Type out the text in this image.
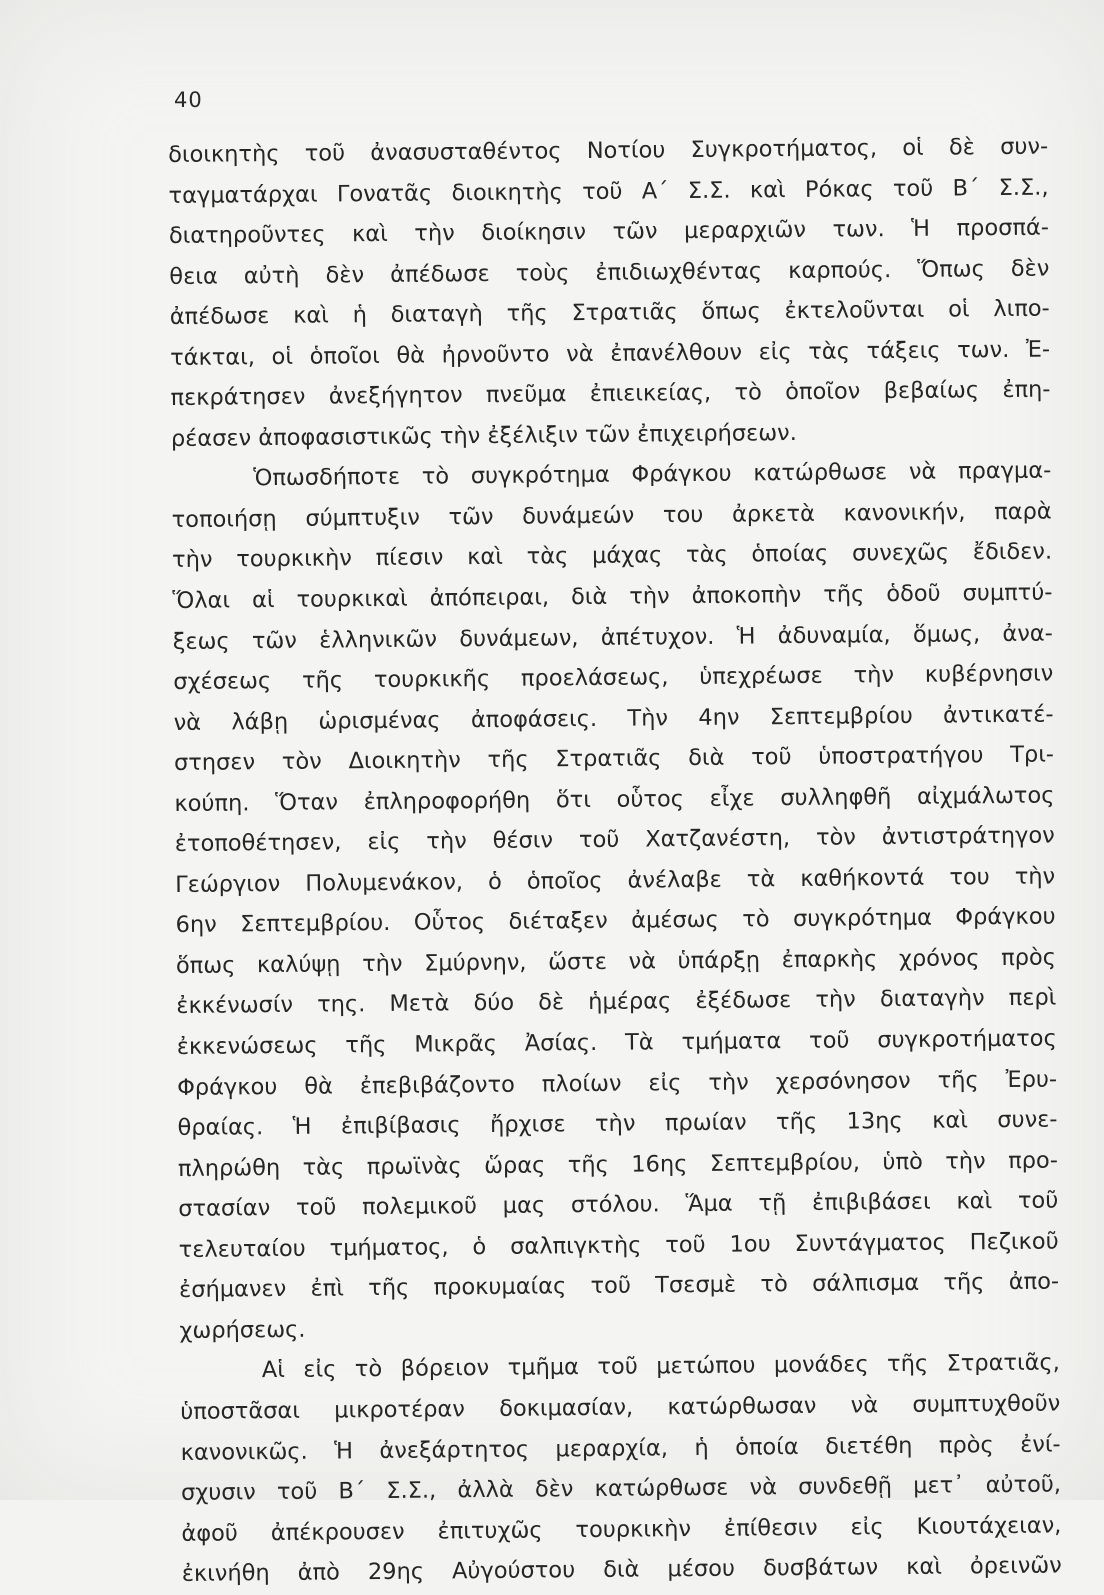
40
διοικητὴς τοῦ ἀνασυσταθέντος Νοτίου Συγκροτήματος, οἱ δὲ συν-
ταγματάρχαι Γονατᾶς διοικητὴς τοῦ Α΄ Σ.Σ. καὶ Ρόκας τοῦ Β΄ Σ.Σ.,
διατηροῦντες καὶ τὴν διοίκησιν τῶν μεραρχιῶν των. Ἡ προσπά-
θεια αὐτὴ δὲν ἀπέδωσε τοὺς ἐπιδιωχθέντας καρπούς. Ὅπως δὲν
ἀπέδωσε καὶ ἡ διαταγὴ τῆς Στρατιᾶς ὅπως ἐκτελοῦνται οἱ λιπο-
τάκται, οἱ ὁποῖοι θὰ ἠρνοῦντο νὰ ἐπανέλθουν εἰς τὰς τάξεις των. Ἐ-
πεκράτησεν ἀνεξήγητον πνεῦμα ἐπιεικείας, τὸ ὁποῖον βεβαίως ἐπη-
ρέασεν ἀποφασιστικῶς τὴν ἐξέλιξιν τῶν ἐπιχειρήσεων.
Ὁπωσδήποτε τὸ συγκρότημα Φράγκου κατώρθωσε νὰ πραγμα-
τοποιήσῃ σύμπτυξιν τῶν δυνάμεών του ἀρκετὰ κανονικήν, παρὰ
τὴν τουρκικὴν πίεσιν καὶ τὰς μάχας τὰς ὁποίας συνεχῶς ἔδιδεν.
Ὅλαι αἱ τουρκικαὶ ἀπόπειραι, διὰ τὴν ἀποκοπὴν τῆς ὁδοῦ συμπτύ-
ξεως τῶν ἑλληνικῶν δυνάμεων, ἀπέτυχον. Ἡ ἀδυναμία, ὅμως, ἀνα-
σχέσεως τῆς τουρκικῆς προελάσεως, ὑπεχρέωσε τὴν κυβέρνησιν
νὰ λάβῃ ὡρισμένας ἀποφάσεις. Τὴν 4ην Σεπτεμβρίου ἀντικατέ-
στησεν τὸν Διοικητὴν τῆς Στρατιᾶς διὰ τοῦ ὑποστρατήγου Τρι-
κούπη. Ὅταν ἐπληροφορήθη ὅτι οὗτος εἶχε συλληφθῆ αἰχμάλωτος
ἐτοποθέτησεν, εἰς τὴν θέσιν τοῦ Χατζανέστη, τὸν ἀντιστράτηγον
Γεώργιον Πολυμενάκον, ὁ ὁποῖος ἀνέλαβε τὰ καθήκοντά του τὴν
6ην Σεπτεμβρίου. Οὗτος διέταξεν ἀμέσως τὸ συγκρότημα Φράγκου
ὅπως καλύψῃ τὴν Σμύρνην, ὥστε νὰ ὑπάρξῃ ἐπαρκὴς χρόνος πρὸς
ἐκκένωσίν της. Μετὰ δύο δὲ ἡμέρας ἐξέδωσε τὴν διαταγὴν περὶ
ἐκκενώσεως τῆς Μικρᾶς Ἀσίας. Τὰ τμήματα τοῦ συγκροτήματος
Φράγκου θὰ ἐπεβιβάζοντο πλοίων εἰς τὴν χερσόνησον τῆς Ἐρυ-
θραίας. Ἡ ἐπιβίβασις ἤρχισε τὴν πρωίαν τῆς 13ης καὶ συνε-
πληρώθη τὰς πρωϊνὰς ὥρας τῆς 16ης Σεπτεμβρίου, ὑπὸ τὴν προ-
στασίαν τοῦ πολεμικοῦ μας στόλου. Ἅμα τῇ ἐπιβιβάσει καὶ τοῦ
τελευταίου τμήματος, ὁ σαλπιγκτὴς τοῦ 1ου Συντάγματος Πεζικοῦ
ἐσήμανεν ἐπὶ τῆς προκυμαίας τοῦ Τσεσμὲ τὸ σάλπισμα τῆς ἀπο-
χωρήσεως.
Αἱ εἰς τὸ βόρειον τμῆμα τοῦ μετώπου μονάδες τῆς Στρατιᾶς,
ὑποστᾶσαι μικροτέραν δοκιμασίαν, κατώρθωσαν νὰ συμπτυχθοῦν
κανονικῶς. Ἡ ἀνεξάρτητος μεραρχία, ἡ ὁποία διετέθη πρὸς ἐνί-
σχυσιν τοῦ Β΄ Σ.Σ., ἀλλὰ δὲν κατώρθωσε νὰ συνδεθῇ μετ᾽ αὐτοῦ,
ἀφοῦ ἀπέκρουσεν ἐπιτυχῶς τουρκικὴν ἐπίθεσιν εἰς Κιουτάχειαν,
ἐκινήθη ἀπὸ 29ης Αὐγούστου διὰ μέσου δυσβάτων καὶ ὀρεινῶν
